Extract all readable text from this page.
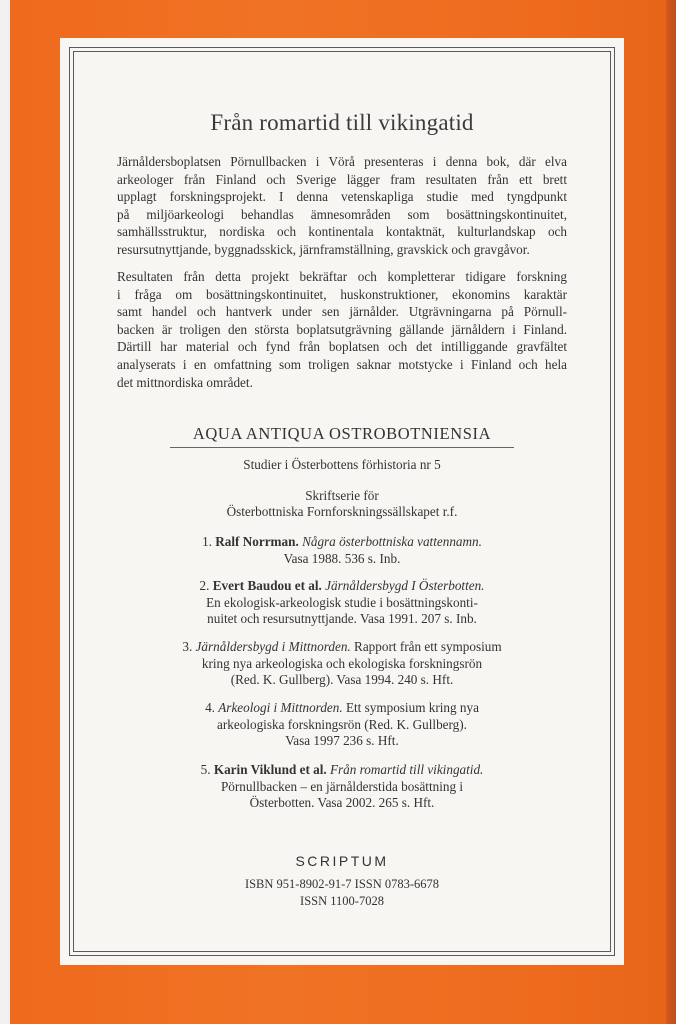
Från romartid till vikingatid
Järnåldersboplatsen Pörnullbacken i Vörå presenteras i denna bok, där elva
arkeologer från Finland och Sverige lägger fram resultaten från ett brett
upplagt forskningsprojekt. I denna vetenskapliga studie med tyngdpunkt
på miljöarkeologi behandlas ämnesområden som bosättningskontinuitet,
samhällsstruktur, nordiska och kontinentala kontaktnät, kulturlandskap och
resursutnyttjande, byggnadsskick, järnframställning, gravskick och gravgåvor.
Resultaten från detta projekt bekräftar och kompletterar tidigare forskning
i fråga om bosättningskontinuitet, huskonstruktioner, ekonomins karaktär
samt handel och hantverk under sen järnålder. Utgrävningarna på Pörnull-
backen är troligen den största boplatsutgrävning gällande järnåldern i Finland.
Därtill har material och fynd från boplatsen och det intilliggande gravfältet
analyserats i en omfattning som troligen saknar motstycke i Finland och hela
det mittnordiska området.
AQUA ANTIQUA OSTROBOTNIENSIA
Studier i Österbottens förhistoria nr 5
Skriftserie för
Österbottniska Fornforskningssällskapet r.f.
1. Ralf Norrman. Några österbottniska vattennamn.
Vasa 1988. 536 s. Inb.
2. Evert Baudou et al. Järnåldersbygd I Österbotten.
En ekologisk-arkeologisk studie i bosättningskonti-
nuitet och resursutnyttjande. Vasa 1991. 207 s. Inb.
3. Järnåldersbygd i Mittnorden. Rapport från ett symposium
kring nya arkeologiska och ekologiska forskningsrön
(Red. K. Gullberg). Vasa 1994. 240 s. Hft.
4. Arkeologi i Mittnorden. Ett symposium kring nya
arkeologiska forskningsrön (Red. K. Gullberg).
Vasa 1997 236 s. Hft.
5. Karin Viklund et al. Från romartid till vikingatid.
Pörnullbacken – en järnålderstida bosättning i
Österbotten. Vasa 2002. 265 s. Hft.
SCRIPTUM
ISBN 951-8902-91-7 ISSN 0783-6678
ISSN 1100-7028
